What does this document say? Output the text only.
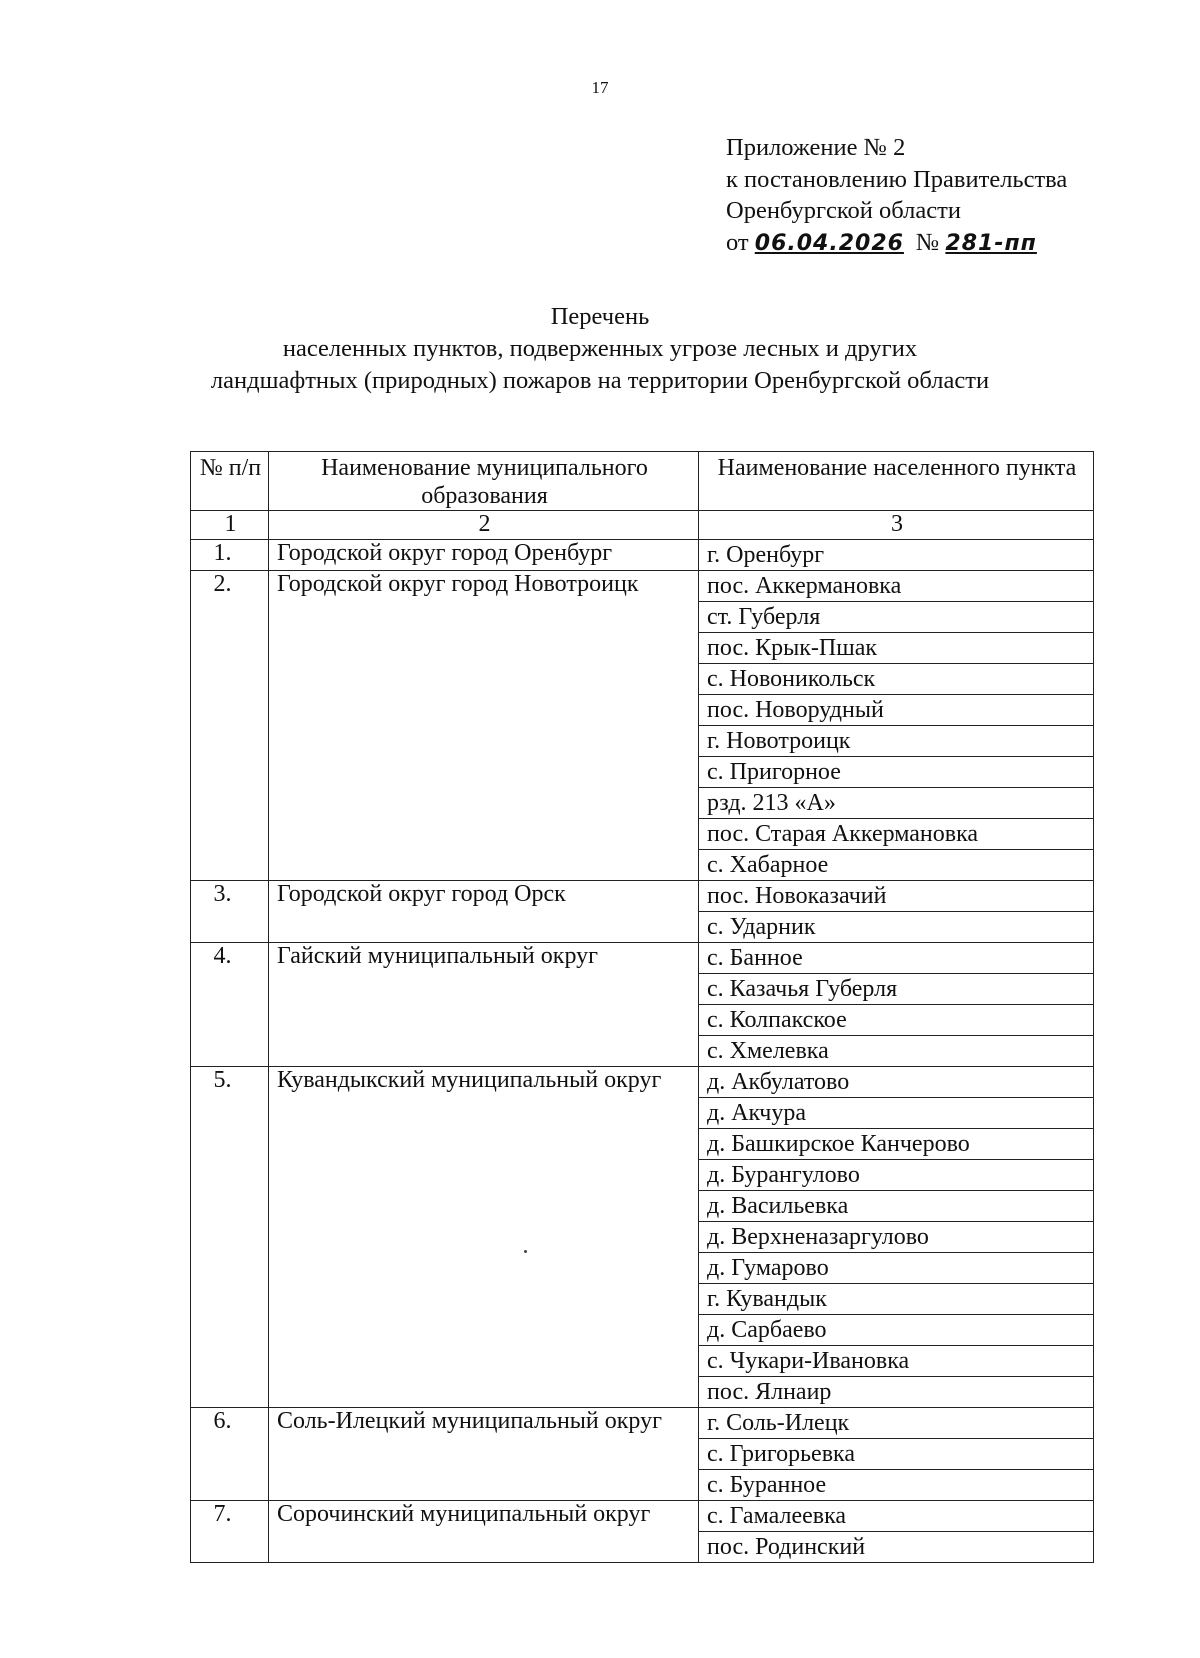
17
Приложение № 2
к постановлению Правительства
Оренбургской области
от 06.04.2026 № 281-пп
Перечень
населенных пунктов, подверженных угрозе лесных и других
ландшафтных (природных) пожаров на территории Оренбургской области
№ п/п	Наименование муниципального образования	Наименование населенного пункта
1	2	3
1.	Городской округ город Оренбург	г. Оренбург
2.	Городской округ город Новотроицк	пос. Аккермановка
		ст. Губерля
		пос. Крык-Пшак
		с. Новоникольск
		пос. Новорудный
		г. Новотроицк
		с. Пригорное
		рзд. 213 «А»
		пос. Старая Аккермановка
		с. Хабарное
3.	Городской округ город Орск	пос. Новоказачий
		с. Ударник
4.	Гайский муниципальный округ	с. Банное
		с. Казачья Губерля
		с. Колпакское
		с. Хмелевка
5.	Кувандыкский муниципальный округ	д. Акбулатово
		д. Акчура
		д. Башкирское Канчерово
		д. Бурангулово
		д. Васильевка
		д. Верхненазаргулово
		д. Гумарово
		г. Кувандык
		д. Сарбаево
		с. Чукари-Ивановка
		пос. Ялнаир
6.	Соль-Илецкий муниципальный округ	г. Соль-Илецк
		с. Григорьевка
		с. Буранное
7.	Сорочинский муниципальный округ	с. Гамалеевка
		пос. Родинский
